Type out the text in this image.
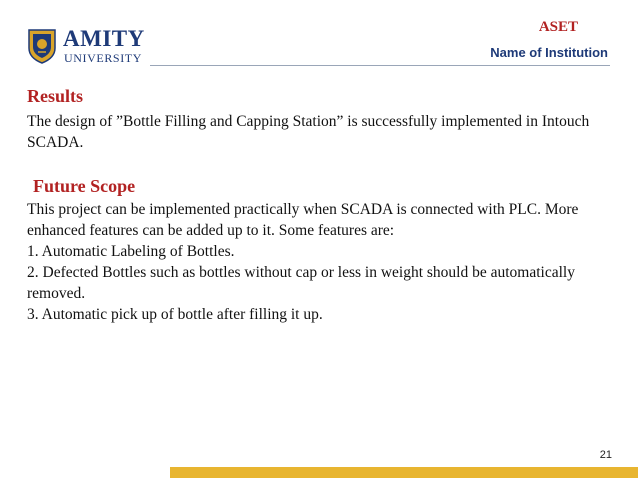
AMITY
UNIVERSITY
ASET
Name of Institution
Results

The design of ”Bottle Filling and Capping Station” is successfully implemented in Intouch SCADA.

Future Scope

This project can be implemented practically when SCADA is connected with PLC. More enhanced features can be added up to it. Some features are:

1. Automatic Labeling of Bottles.

2. Defected Bottles such as bottles without cap or less in weight should be automatically removed.

3. Automatic pick up of bottle after filling it up.

21
